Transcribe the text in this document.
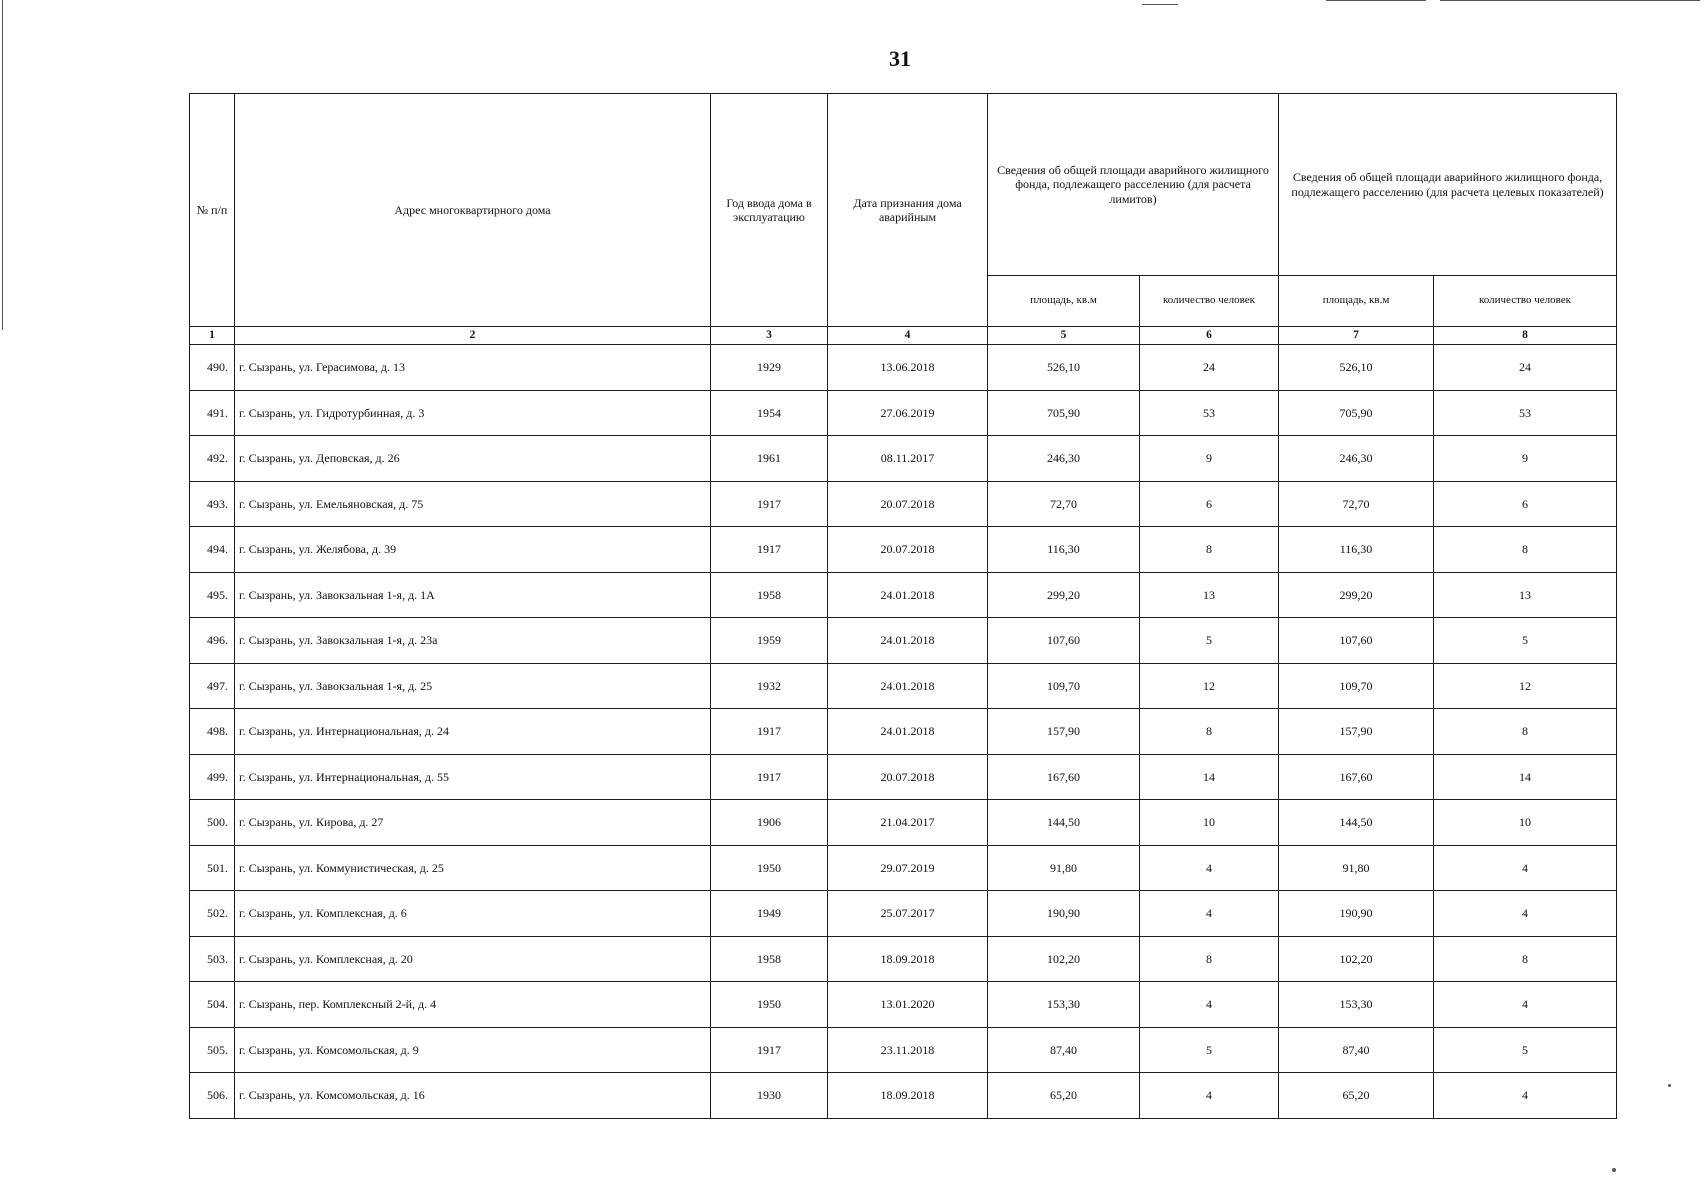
31
№ п/п	Адрес многоквартирного дома	Год ввода дома в эксплуатацию	Дата признания дома аварийным	Сведения об общей площади аварийного жилищного фонда, подлежащего расселению (для расчета лимитов)		Сведения об общей площади аварийного жилищного фонда, подлежащего расселению (для расчета целевых показателей)	
				площадь, кв.м	количество человек	площадь, кв.м	количество человек
1	2	3	4	5	6	7	8
490.	г. Сызрань, ул. Герасимова, д. 13	1929	13.06.2018	526,10	24	526,10	24
491.	г. Сызрань, ул. Гидротурбинная, д. 3	1954	27.06.2019	705,90	53	705,90	53
492.	г. Сызрань, ул. Деповская, д. 26	1961	08.11.2017	246,30	9	246,30	9
493.	г. Сызрань, ул. Емельяновская, д. 75	1917	20.07.2018	72,70	6	72,70	6
494.	г. Сызрань, ул. Желябова, д. 39	1917	20.07.2018	116,30	8	116,30	8
495.	г. Сызрань, ул. Завокзальная 1-я, д. 1А	1958	24.01.2018	299,20	13	299,20	13
496.	г. Сызрань, ул. Завокзальная 1-я, д. 23а	1959	24.01.2018	107,60	5	107,60	5
497.	г. Сызрань, ул. Завокзальная 1-я, д. 25	1932	24.01.2018	109,70	12	109,70	12
498.	г. Сызрань, ул. Интернациональная, д. 24	1917	24.01.2018	157,90	8	157,90	8
499.	г. Сызрань, ул. Интернациональная, д. 55	1917	20.07.2018	167,60	14	167,60	14
500.	г. Сызрань, ул. Кирова, д. 27	1906	21.04.2017	144,50	10	144,50	10
501.	г. Сызрань, ул. Коммунистическая, д. 25	1950	29.07.2019	91,80	4	91,80	4
502.	г. Сызрань, ул. Комплексная, д. 6	1949	25.07.2017	190,90	4	190,90	4
503.	г. Сызрань, ул. Комплексная, д. 20	1958	18.09.2018	102,20	8	102,20	8
504.	г. Сызрань, пер. Комплексный 2-й, д. 4	1950	13.01.2020	153,30	4	153,30	4
505.	г. Сызрань, ул. Комсомольская, д. 9	1917	23.11.2018	87,40	5	87,40	5
506.	г. Сызрань, ул. Комсомольская, д. 16	1930	18.09.2018	65,20	4	65,20	4
